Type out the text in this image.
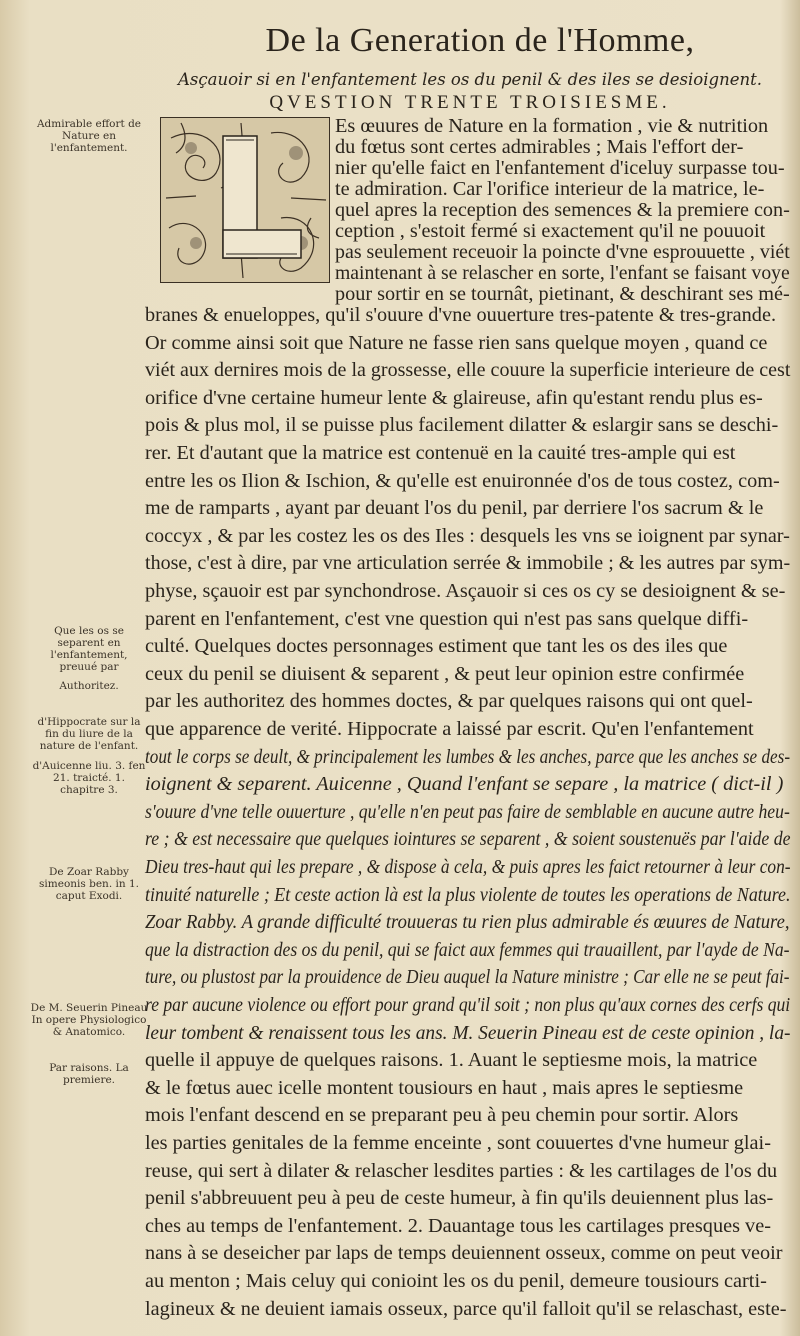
De la Generation de l'Homme,
Asçauoir si en l'enfantement les os du penil & des iles se desioignent.
QVESTION TRENTE TROISIESME.
Admirable effort de Nature en l'enfantement.
Que les os se separent en l'enfantement, preuué par
Authoritez.
d'Hippocrate sur la fin du liure de la nature de l'enfant.
d'Auicenne liu. 3. fen 21. traicté. 1. chapitre 3.
De Zoar Rabby simeonis ben. in 1. caput Exodi.
De M. Seuerin Pineau In opere Physiologico & Anatomico.
Par raisons. La premiere.
Es œuures de Nature en la formation , vie & nutrition
du fœtus sont certes admirables ; Mais l'effort der-
nier qu'elle faict en l'enfantement d'iceluy surpasse tou-
te admiration. Car l'orifice interieur de la matrice, le-
quel apres la reception des semences & la premiere con-
ception , s'estoit fermé si exactement qu'il ne pouuoit
pas seulement receuoir la poincte d'vne esprouuette , viét
maintenant à se relascher en sorte, l'enfant se faisant voye
pour sortir en se tournât, pietinant, & deschirant ses mé-
branes & enueloppes, qu'il s'ouure d'vne ouuerture tres-patente & tres-grande.
Or comme ainsi soit que Nature ne fasse rien sans quelque moyen , quand ce
viét aux dernires mois de la grossesse, elle couure la superficie interieure de cest
orifice d'vne certaine humeur lente & glaireuse, afin qu'estant rendu plus es-
pois & plus mol, il se puisse plus facilement dilatter & eslargir sans se deschi-
rer. Et d'autant que la matrice est contenuë en la cauité tres-ample qui est
entre les os Ilion & Ischion, & qu'elle est enuironnée d'os de tous costez, com-
me de ramparts , ayant par deuant l'os du penil, par derriere l'os sacrum & le
coccyx , & par les costez les os des Iles : desquels les vns se ioignent par synar-
those, c'est à dire, par vne articulation serrée & immobile ; & les autres par sym-
physe, sçauoir est par synchondrose. Asçauoir si ces os cy se desioignent & se-
parent en l'enfantement, c'est vne question qui n'est pas sans quelque diffi-
culté. Quelques doctes personnages estiment que tant les os des iles que
ceux du penil se diuisent & separent , & peut leur opinion estre confirmée
par les authoritez des hommes doctes, & par quelques raisons qui ont quel-
que apparence de verité. Hippocrate a laissé par escrit. Qu'en l'enfantement
tout le corps se deult, & principalement les lumbes & les anches, parce que les anches se des-
ioignent & separent. Auicenne , Quand l'enfant se separe , la matrice ( dict-il )
s'ouure d'vne telle ouuerture , qu'elle n'en peut pas faire de semblable en aucune autre heu-
re ; & est necessaire que quelques iointures se separent , & soient soustenuës par l'aide de
Dieu tres-haut qui les prepare , & dispose à cela, & puis apres les faict retourner à leur con-
tinuité naturelle ; Et ceste action là est la plus violente de toutes les operations de Nature.
Zoar Rabby. A grande difficulté trouueras tu rien plus admirable és œuures de Nature,
que la distraction des os du penil, qui se faict aux femmes qui trauaillent, par l'ayde de Na-
ture, ou plustost par la prouidence de Dieu auquel la Nature ministre ; Car elle ne se peut fai-
re par aucune violence ou effort pour grand qu'il soit ; non plus qu'aux cornes des cerfs qui
leur tombent & renaissent tous les ans. M. Seuerin Pineau est de ceste opinion , la-
quelle il appuye de quelques raisons. 1. Auant le septiesme mois, la matrice
& le fœtus auec icelle montent tousiours en haut , mais apres le septiesme
mois l'enfant descend en se preparant peu à peu chemin pour sortir. Alors
les parties genitales de la femme enceinte , sont couuertes d'vne humeur glai-
reuse, qui sert à dilater & relascher lesdites parties : & les cartilages de l'os du
penil s'abbreuuent peu à peu de ceste humeur, à fin qu'ils deuiennent plus las-
ches au temps de l'enfantement. 2. Dauantage tous les cartilages presques ve-
nans à se deseicher par laps de temps deuiennent osseux, comme on peut veoir
au menton ; Mais celuy qui conioint les os du penil, demeure tousiours carti-
lagineux & ne deuient iamais osseux, parce qu'il falloit qu'il se relaschast, este-
